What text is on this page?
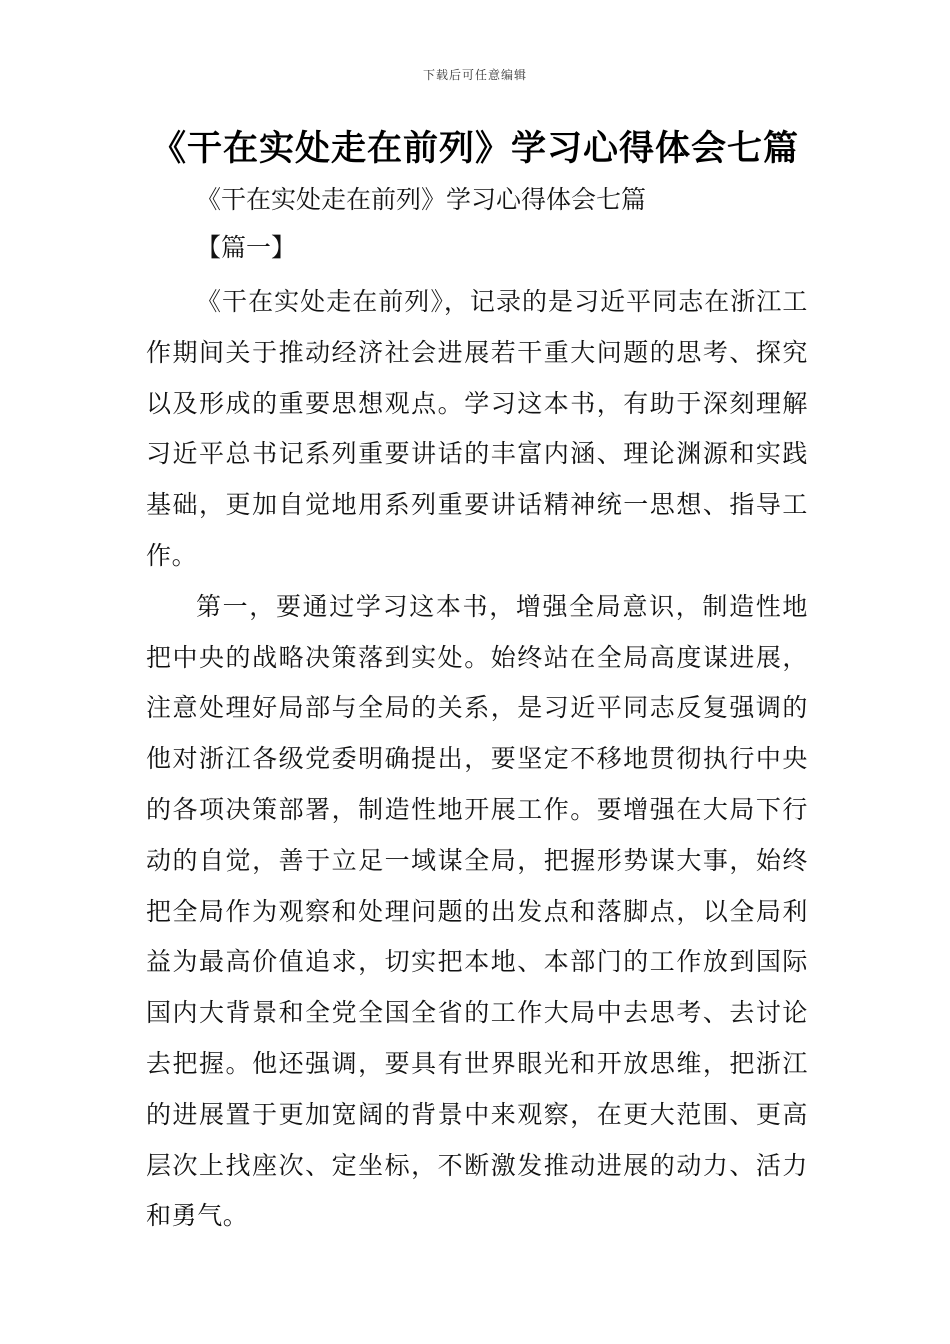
下载后可任意编辑
《干在实处走在前列》学习心得体会七篇

《干在实处走在前列》学习心得体会七篇

【篇一】

《干在实处走在前列》，记录的是习近平同志在浙江工作期间关于推动经济社会进展若干重大问题的思考、探究以及形成的重要思想观点。学习这本书，有助于深刻理解习近平总书记系列重要讲话的丰富内涵、理论渊源和实践基础，更加自觉地用系列重要讲话精神统一思想、指导工作。

第一，要通过学习这本书，增强全局意识，制造性地把中央的战略决策落到实处。始终站在全局高度谋进展，注意处理好局部与全局的关系，是习近平同志反复强调的他对浙江各级党委明确提出，要坚定不移地贯彻执行中央的各项决策部署，制造性地开展工作。要增强在大局下行动的自觉，善于立足一域谋全局，把握形势谋大事，始终把全局作为观察和处理问题的出发点和落脚点，以全局利益为最高价值追求，切实把本地、本部门的工作放到国际国内大背景和全党全国全省的工作大局中去思考、去讨论去把握。他还强调，要具有世界眼光和开放思维，把浙江的进展置于更加宽阔的背景中来观察，在更大范围、更高层次上找座次、定坐标，不断激发推动进展的动力、活力和勇气。
